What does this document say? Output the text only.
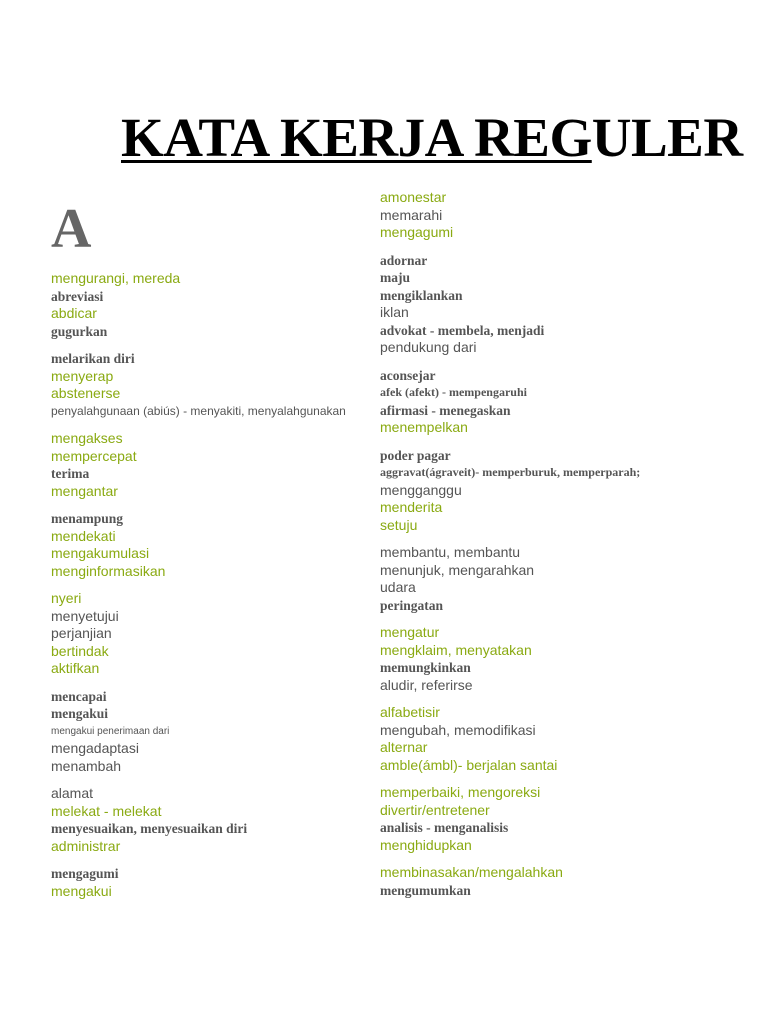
KATA KERJA REGULER
A
mengurangi, mereda
abreviasi
abdicar
gugurkan
melarikan diri
menyerap
abstenerse
penyalahgunaan (abiús) - menyakiti, menyalahgunakan
mengakses
mempercepat
terima
mengantar
menampung
mendekati
mengakumulasi
menginformasikan
nyeri
menyetujui
perjanjian
bertindak
aktifkan
mencapai
mengakui
mengakui penerimaan dari
mengadaptasi
menambah
alamat
melekat - melekat
menyesuaikan, menyesuaikan diri
administrar
mengagumi
mengakui
amonestar
memarahi
mengagumi
adornar
maju
mengiklankan
iklan
advokat - membela, menjadi
pendukung dari
aconsejar
afek (afekt) - mempengaruhi
afirmasi - menegaskan
menempelkan
poder pagar
aggravat(ágraveit)- memperburuk, memperparah;
mengganggu
menderita
setuju
membantu, membantu
menunjuk, mengarahkan
udara
peringatan
mengatur
mengklaim, menyatakan
memungkinkan
aludir, referirse
alfabetisir
mengubah, memodifikasi
alternar
amble(ámbl)- berjalan santai
memperbaiki, mengoreksi
divertir/entretener
analisis - menganalisis
menghidupkan
membinasakan/mengalahkan
mengumumkan
